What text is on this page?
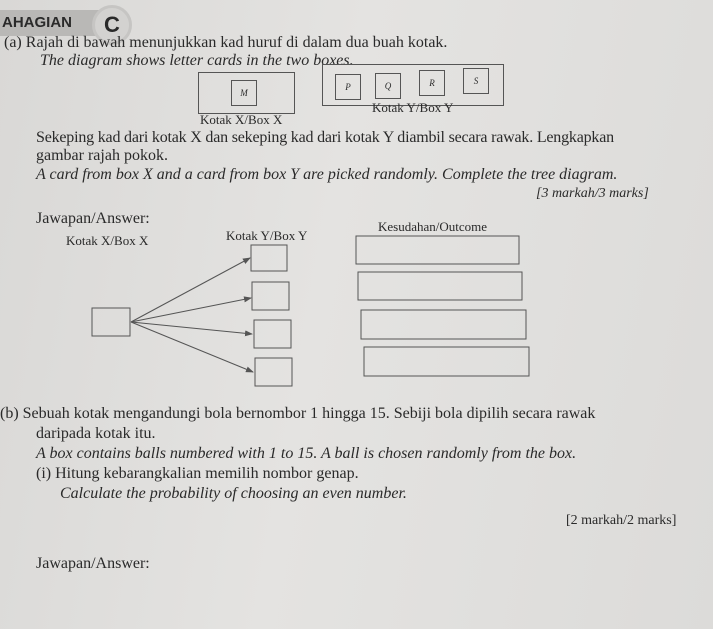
AHAGIAN	C
(a) Rajah di bawah menunjukkan kad huruf di dalam dua buah kotak.
The diagram shows letter cards in the two boxes.
M
P	Q	R	S
Kotak X/Box X
Kotak Y/Box Y
Sekeping kad dari kotak X dan sekeping kad dari kotak Y diambil secara rawak. Lengkapkan
gambar rajah pokok.
A card from box X and a card from box Y are picked randomly. Complete the tree diagram.
[3 markah/3 marks]
Jawapan/Answer:
Kotak X/Box X	Kotak Y/Box Y
Kesudahan/Outcome
(b) Sebuah kotak mengandungi bola bernombor 1 hingga 15. Sebiji bola dipilih secara rawak
daripada kotak itu.
A box contains balls numbered with 1 to 15. A ball is chosen randomly from the box.
(i) Hitung kebarangkalian memilih nombor genap.
Calculate the probability of choosing an even number.
[2 markah/2 marks]
Jawapan/Answer:
